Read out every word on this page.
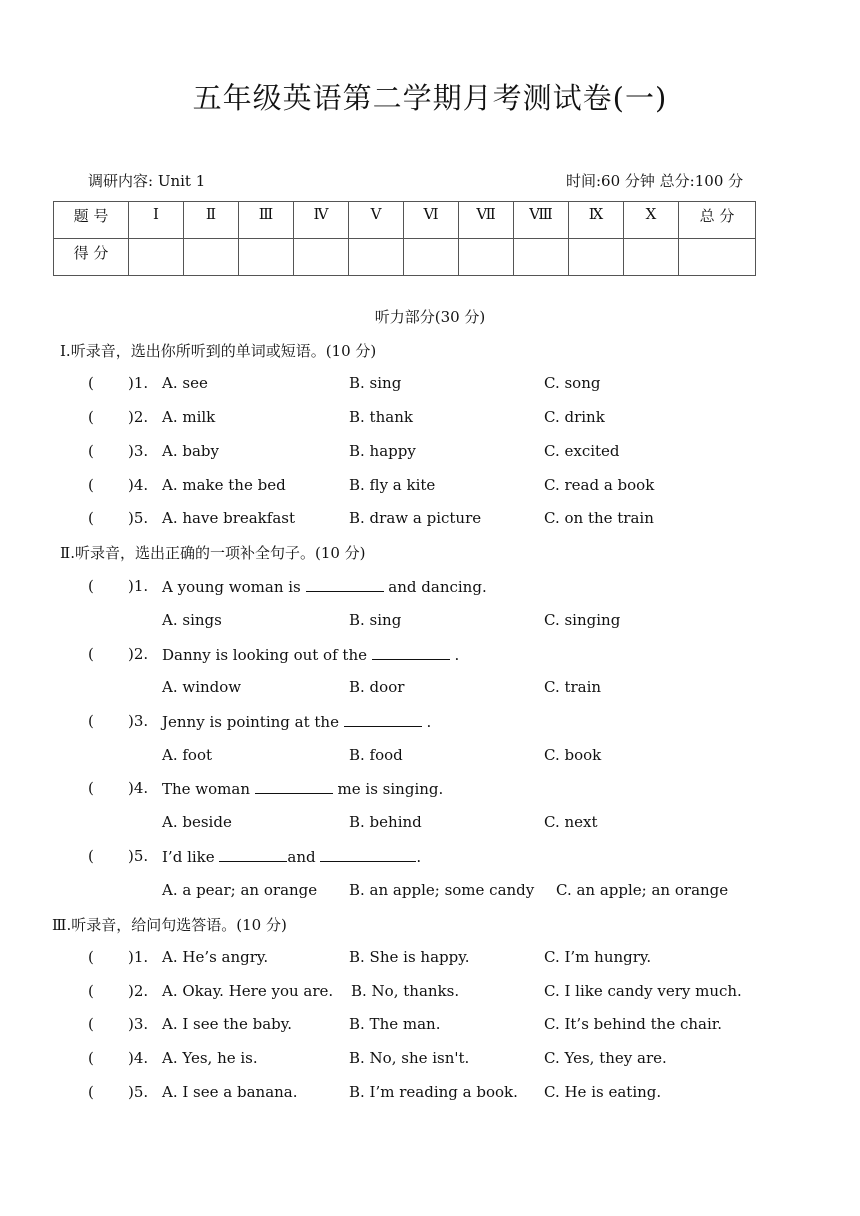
五年级英语第二学期月考测试卷(一)
调研内容: Unit 1	时间:60 分钟 总分:100 分
题 号	Ⅰ	Ⅱ	Ⅲ	Ⅳ	Ⅴ	Ⅵ	Ⅶ	Ⅷ	Ⅸ	Ⅹ	总 分
得 分											
听力部分(30 分)
Ⅰ.听录音，选出你所听到的单词或短语。(10 分)
( )1. A. see	B. sing	C. song
( )2. A. milk	B. thank	C. drink
( )3. A. baby	B. happy	C. excited
( )4. A. make the bed	B. fly a kite	C. read a book
( )5. A. have breakfast	B. draw a picture	C. on the train
Ⅱ.听录音，选出正确的一项补全句子。(10 分)
( )1. A young woman is	and dancing.
A. sings	B. sing	C. singing
( )2. Danny is looking out of the	.
A. window	B. door	C. train
( )3. Jenny is pointing at the	.
A. foot	B. food	C. book
( )4. The woman	me is singing.
A. beside	B. behind	C. next
( )5. I’d like	and	.
A. a pear; an orange B. an apple; some candy C. an apple; an orange
Ⅲ.听录音，给问句选答语。(10 分)
( )1. A. He’s angry.	B. She is happy.	C. I’m hungry.
( )2. A. Okay. Here you are. B. No, thanks.	C. I like candy very much.
( )3. A. I see the baby.	B. The man.	C. It’s behind the chair.
( )4. A. Yes, he is.	B. No, she isn't.	C. Yes, they are.
( )5. A. I see a banana.	B. I’m reading a book. C. He is eating.
